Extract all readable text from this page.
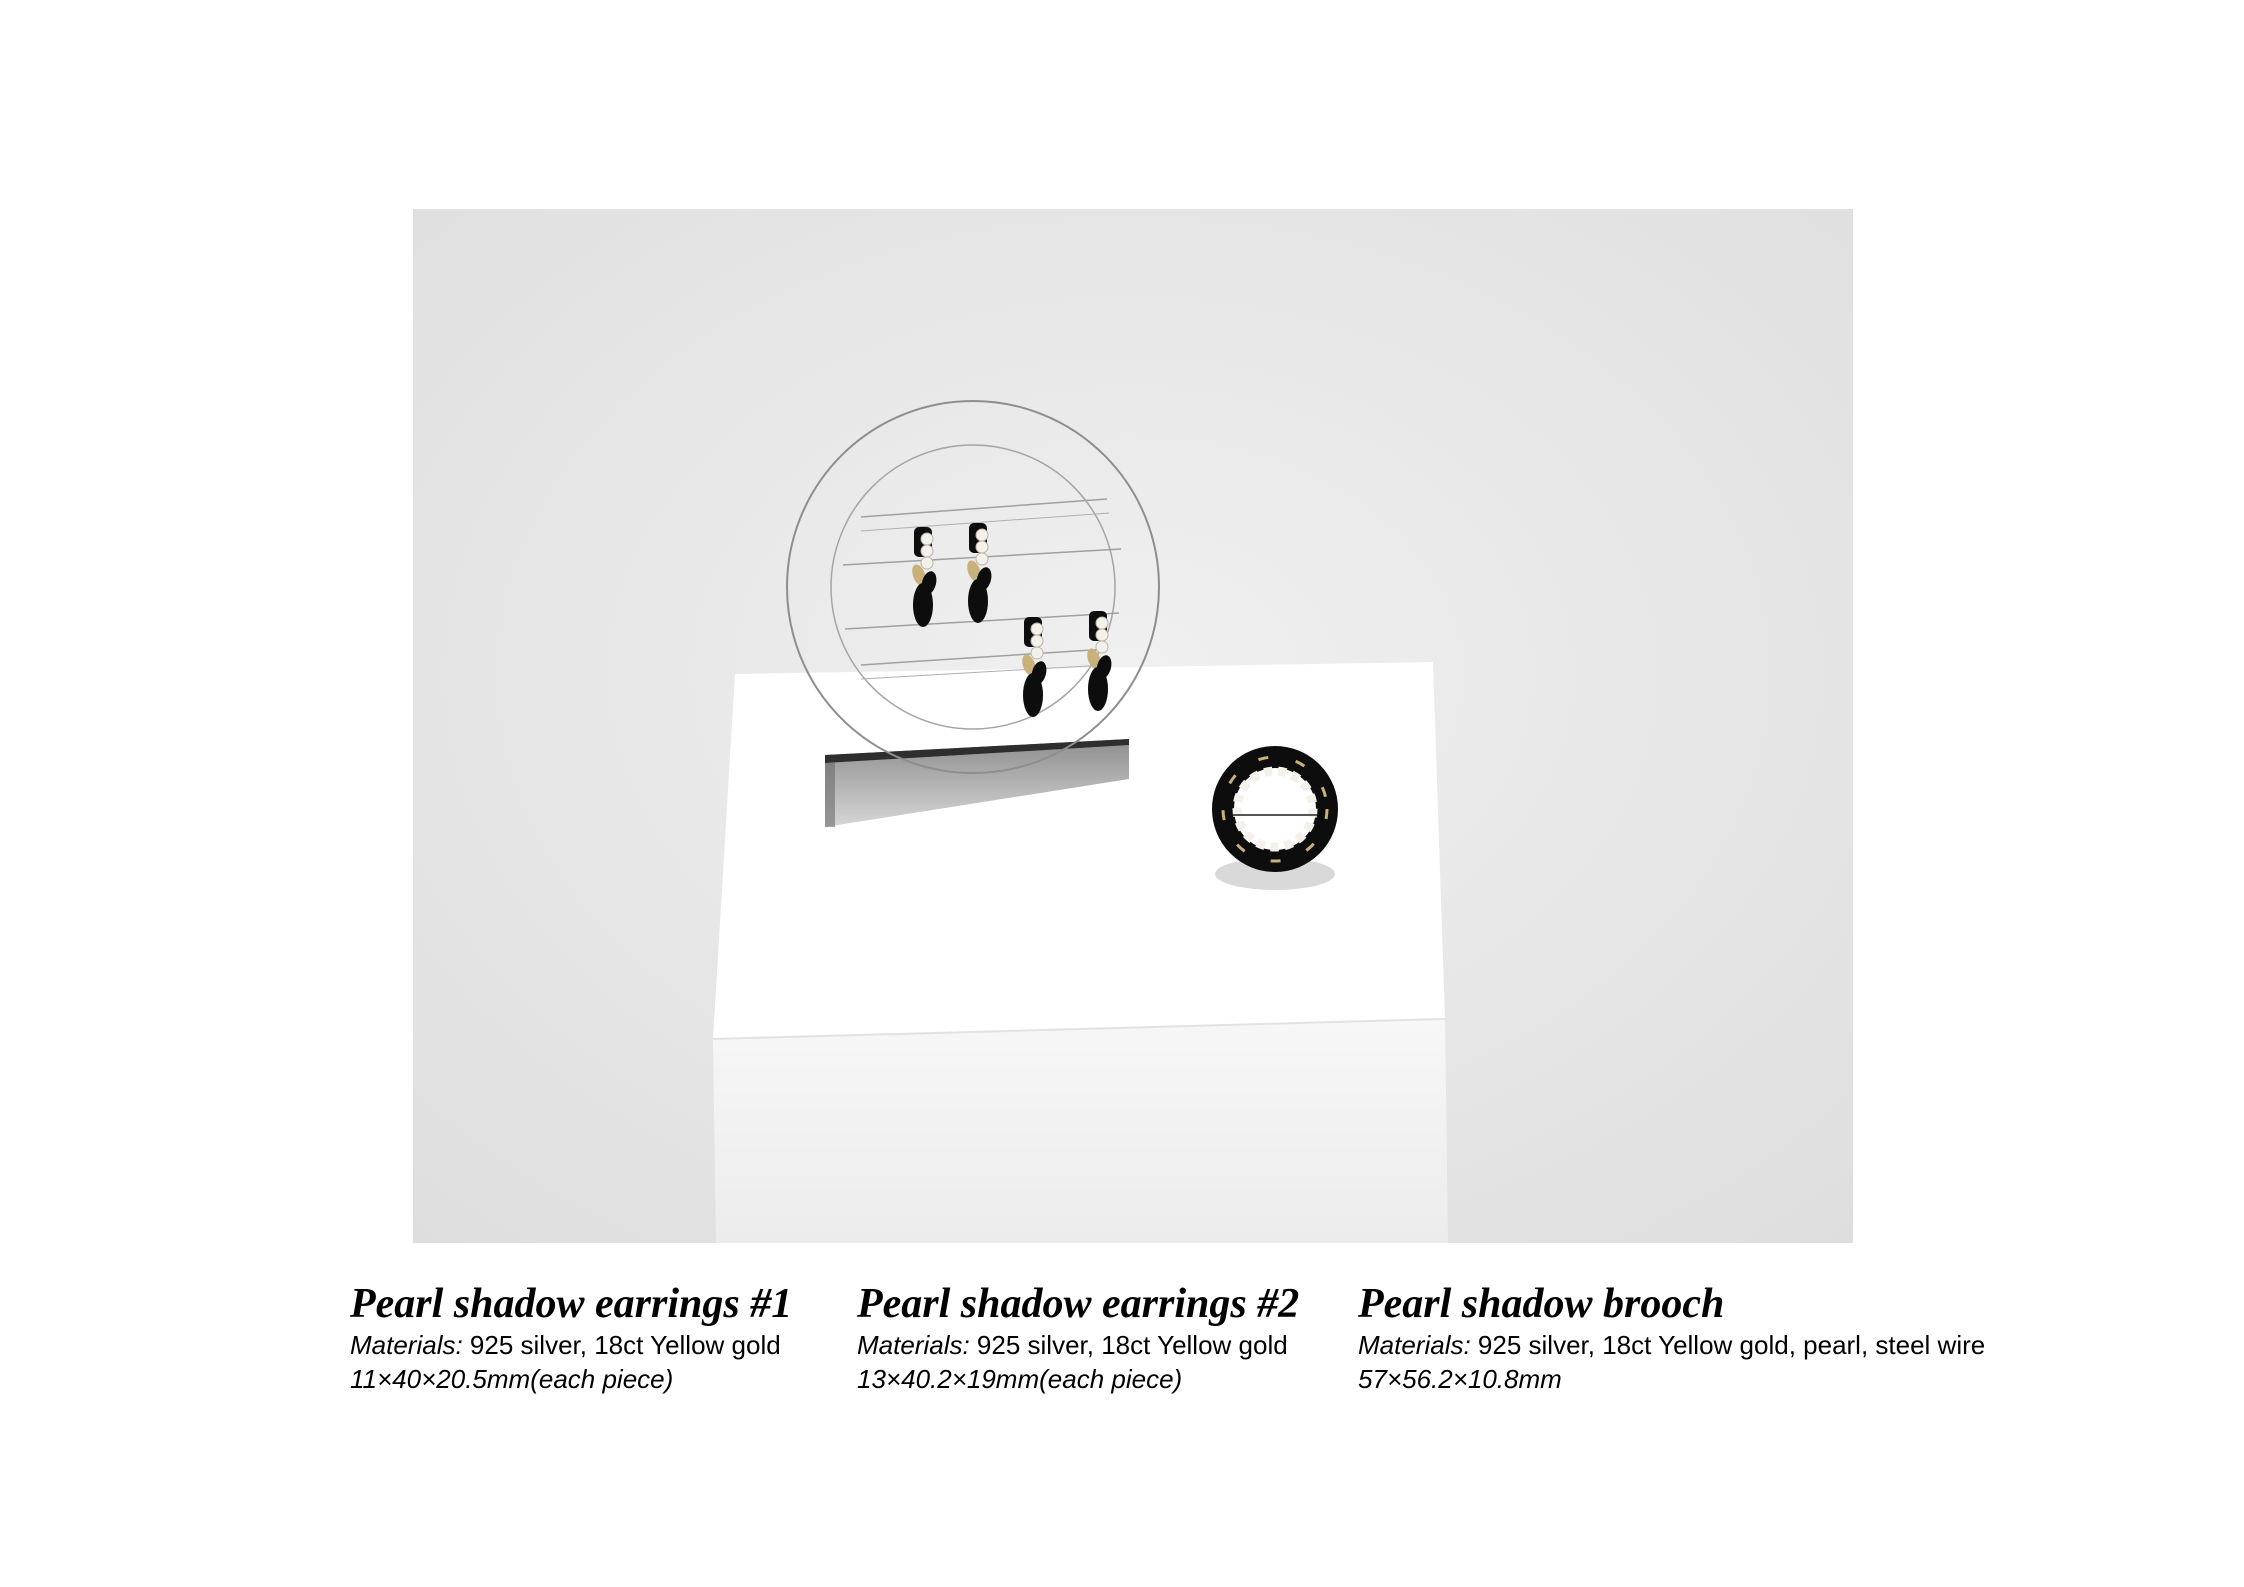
Pearl shadow earrings #1

Materials: 925 silver, 18ct Yellow gold

11×40×20.5mm(each piece)

Pearl shadow earrings #2

Materials: 925 silver, 18ct Yellow gold

13×40.2×19mm(each piece)

Pearl shadow brooch

Materials: 925 silver, 18ct Yellow gold, pearl, steel wire

57×56.2×10.8mm
